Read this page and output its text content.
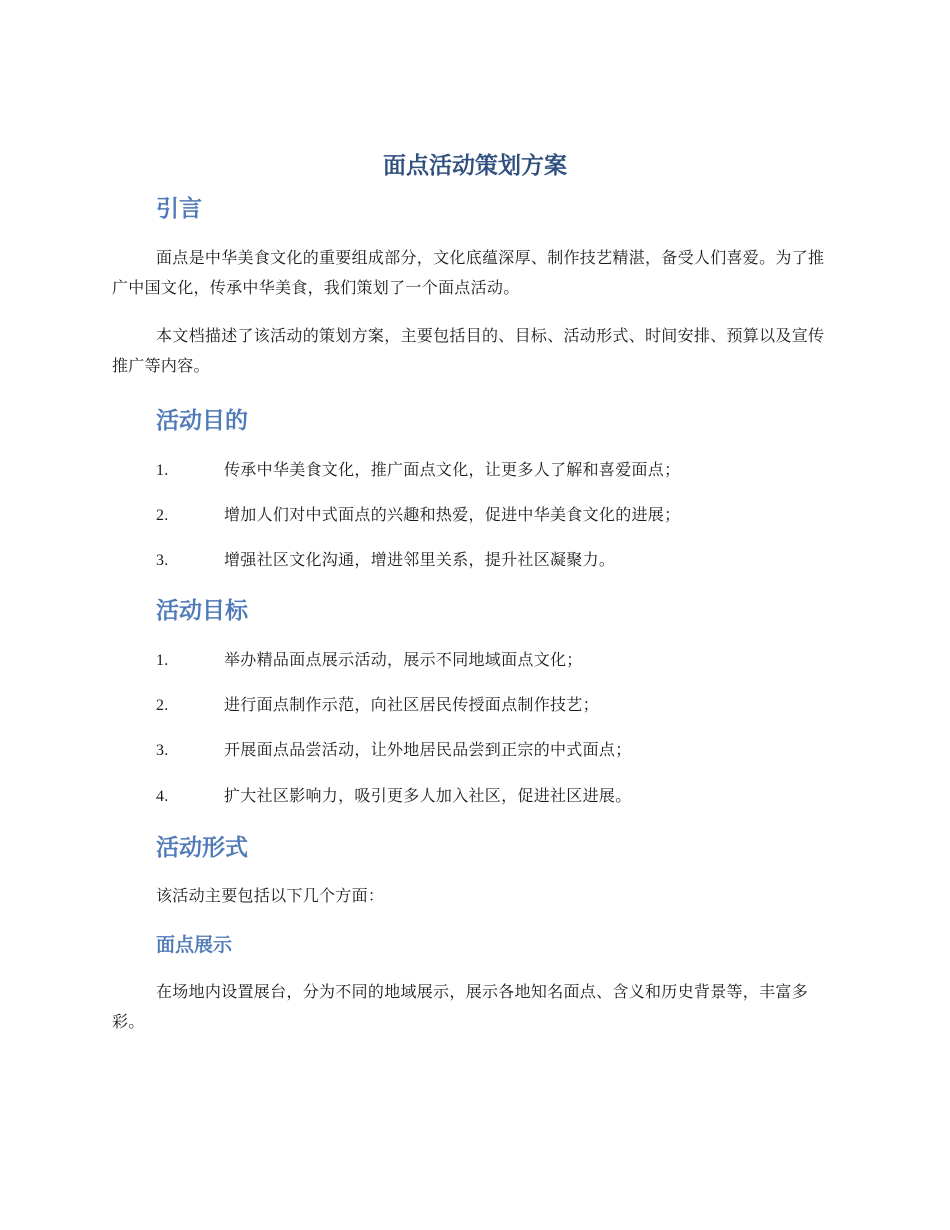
面点活动策划方案
引言

面点是中华美食文化的重要组成部分，文化底蕴深厚、制作技艺精湛，备受人们喜爱。为了推广中国文化，传承中华美食，我们策划了一个面点活动。

本文档描述了该活动的策划方案，主要包括目的、目标、活动形式、时间安排、预算以及宣传推广等内容。

活动目的

1.	传承中华美食文化，推广面点文化，让更多人了解和喜爱面点；

2.	增加人们对中式面点的兴趣和热爱，促进中华美食文化的进展；

3.	增强社区文化沟通，增进邻里关系，提升社区凝聚力。

活动目标

1.	举办精品面点展示活动，展示不同地域面点文化；

2.	进行面点制作示范，向社区居民传授面点制作技艺；

3.	开展面点品尝活动，让外地居民品尝到正宗的中式面点；

4.	扩大社区影响力，吸引更多人加入社区，促进社区进展。

活动形式

该活动主要包括以下几个方面：

面点展示

在场地内设置展台，分为不同的地域展示，展示各地知名面点、含义和历史背景等，丰富多彩。
